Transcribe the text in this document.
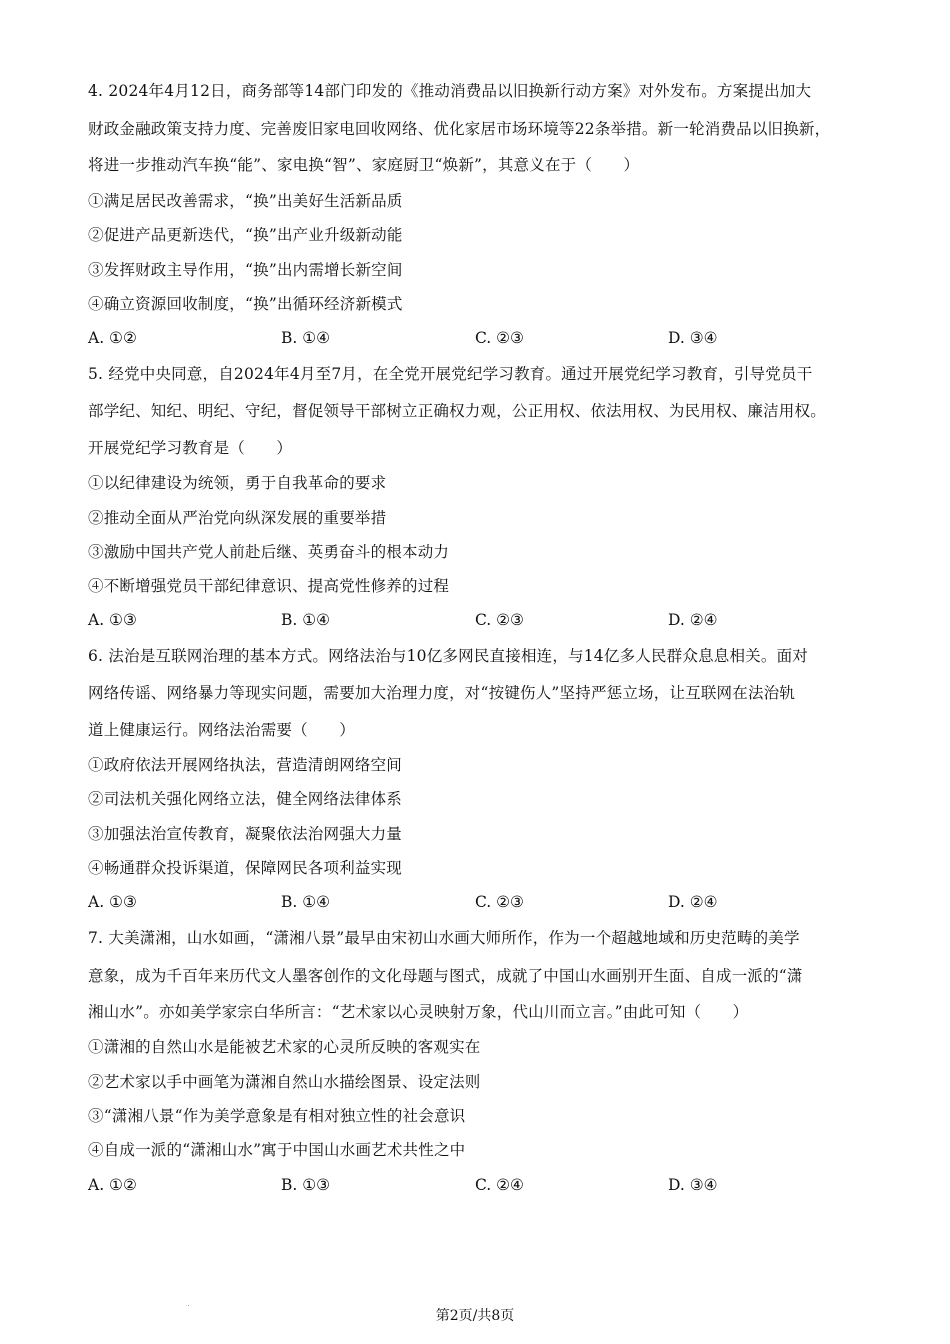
4. 2024年4月12日，商务部等14部门印发的《推动消费品以旧换新行动方案》对外发布。方案提出加大
财政金融政策支持力度、完善废旧家电回收网络、优化家居市场环境等22条举措。新一轮消费品以旧换新，
将进一步推动汽车换“能”、家电换“智”、家庭厨卫“焕新”，其意义在于（　　）
①满足居民改善需求，“换”出美好生活新品质
②促进产品更新迭代，“换”出产业升级新动能
③发挥财政主导作用，“换”出内需增长新空间
④确立资源回收制度，“换”出循环经济新模式
A. ①②	B. ①④	C. ②③	D. ③④
5. 经党中央同意，自2024年4月至7月，在全党开展党纪学习教育。通过开展党纪学习教育，引导党员干
部学纪、知纪、明纪、守纪，督促领导干部树立正确权力观，公正用权、依法用权、为民用权、廉洁用权。
开展党纪学习教育是（　　）
①以纪律建设为统领，勇于自我革命的要求
②推动全面从严治党向纵深发展的重要举措
③激励中国共产党人前赴后继、英勇奋斗的根本动力
④不断增强党员干部纪律意识、提高党性修养的过程
A. ①③	B. ①④	C. ②③	D. ②④
6. 法治是互联网治理的基本方式。网络法治与10亿多网民直接相连，与14亿多人民群众息息相关。面对
网络传谣、网络暴力等现实问题，需要加大治理力度，对“按键伤人”坚持严惩立场，让互联网在法治轨
道上健康运行。网络法治需要（　　）
①政府依法开展网络执法，营造清朗网络空间
②司法机关强化网络立法，健全网络法律体系
③加强法治宣传教育，凝聚依法治网强大力量
④畅通群众投诉渠道，保障网民各项利益实现
A. ①③	B. ①④	C. ②③	D. ②④
7. 大美潇湘，山水如画，“潇湘八景”最早由宋初山水画大师所作，作为一个超越地域和历史范畴的美学
意象，成为千百年来历代文人墨客创作的文化母题与图式，成就了中国山水画别开生面、自成一派的“潇
湘山水”。亦如美学家宗白华所言：“艺术家以心灵映射万象，代山川而立言。”由此可知（　　）
①潇湘的自然山水是能被艺术家的心灵所反映的客观实在
②艺术家以手中画笔为潇湘自然山水描绘图景、设定法则
③“潇湘八景“作为美学意象是有相对独立性的社会意识
④自成一派的“潇湘山水”寓于中国山水画艺术共性之中
A. ①②	B. ①③	C. ②④	D. ③④
第2页/共8页
